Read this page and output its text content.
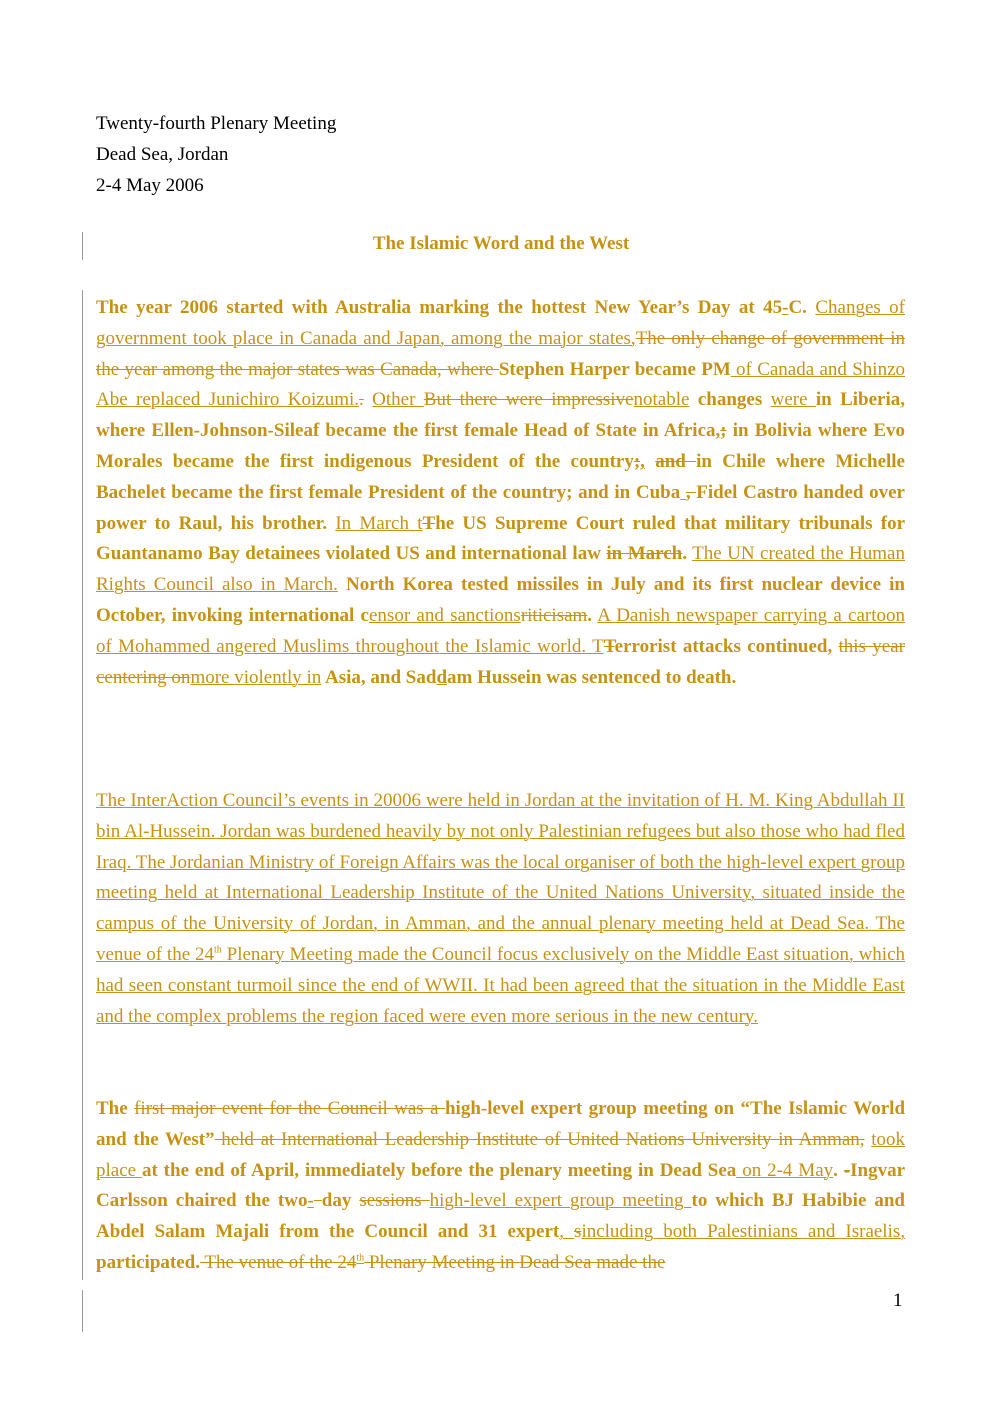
Twenty-fourth Plenary Meeting
Dead Sea, Jordan
2-4 May 2006
The Islamic Word and the West
The year 2006 started with Australia marking the hottest New Year’s Day at 45-C. Changes of government took place in Canada and Japan, among the major states,The only change of government in the year among the major states was Canada, where Stephen Harper became PM of Canada and Shinzo Abe replaced Junichiro Koizumi.. Other But there were impressivenotable changes were in Liberia, where Ellen-Johnson-Sileaf became the first female Head of State in Africa,; in Bolivia where Evo Morales became the first indigenous President of the country;, and in Chile where Michelle Bachelet became the first female President of the country; and in Cuba , Fidel Castro handed over power to Raul, his brother. In March tThe US Supreme Court ruled that military tribunals for Guantanamo Bay detainees violated US and international law in March. The UN created the Human Rights Council also in March. North Korea tested missiles in July and its first nuclear device in October, invoking international censor and sanctionsriticisam. A Danish newspaper carrying a cartoon of Mohammed angered Muslims throughout the Islamic world. TTerrorist attacks continued, this year centering onmore violently in Asia, and Saddam Hussein was sentenced to death.
The InterAction Council’s events in 20006 were held in Jordan at the invitation of H. M. King Abdullah II bin Al-Hussein. Jordan was burdened heavily by not only Palestinian refugees but also those who had fled Iraq. The Jordanian Ministry of Foreign Affairs was the local organiser of both the high-level expert group meeting held at International Leadership Institute of the United Nations University, situated inside the campus of the University of Jordan, in Amman, and the annual plenary meeting held at Dead Sea. The venue of the 24th Plenary Meeting made the Council focus exclusively on the Middle East situation, which had seen constant turmoil since the end of WWII. It had been agreed that the situation in the Middle East and the complex problems the region faced were even more serious in the new century.
The first major event for the Council was a high-level expert group meeting on “The Islamic World and the West” held at International Leadership Institute of United Nations University in Amman, took place at the end of April, immediately before the plenary meeting in Dead Sea on 2-4 May. -Ingvar Carlsson chaired the two- day sessions high-level expert group meeting to which BJ Habibie and Abdel Salam Majali from the Council and 31 expert, sincluding both Palestinians and Israelis, participated. The venue of the 24th Plenary Meeting in Dead Sea made the
1
